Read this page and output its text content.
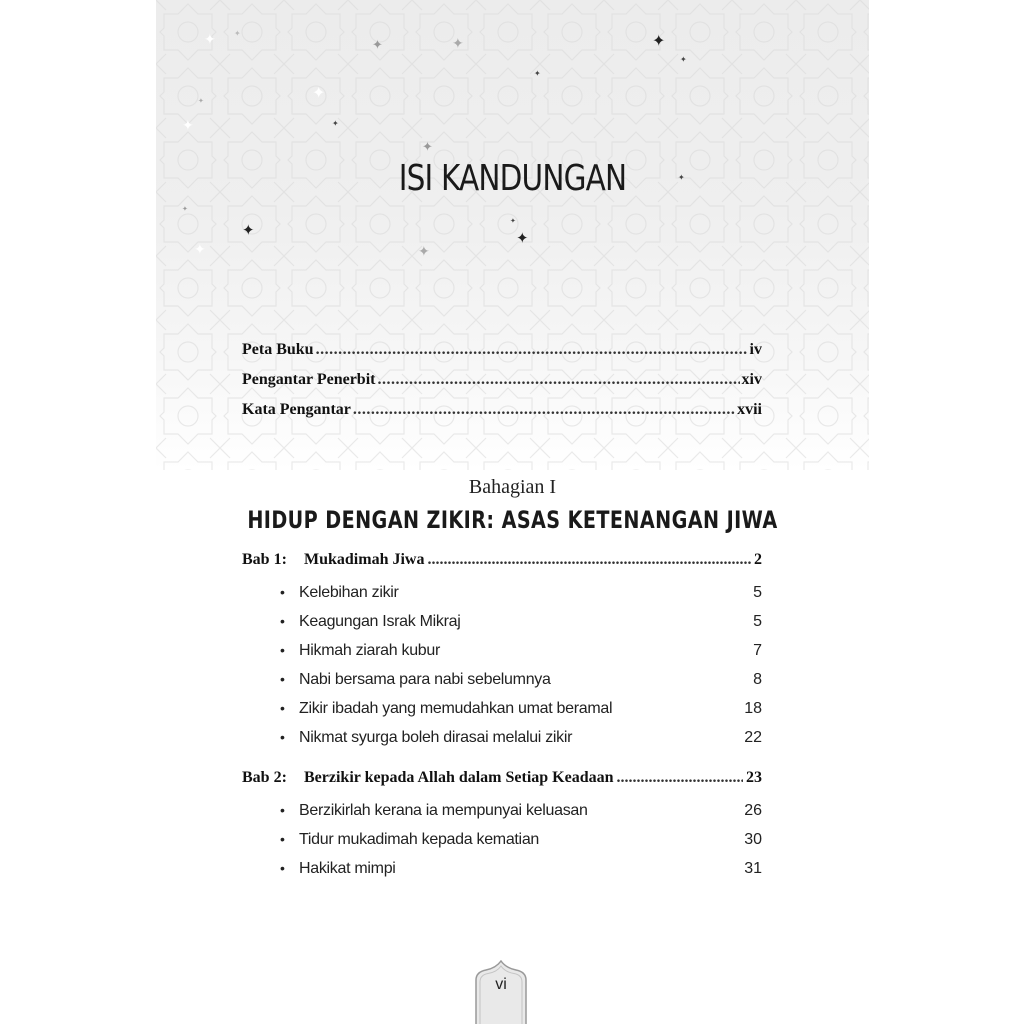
✦ ✦
✦	✦	✦
✦
✦
✦
✦
✦
✦
✦
✦
✦
✦
✦
✦
✦	✦
ISI KANDUNGAN
Peta Buku .....	iv
Pengantar Penerbit .....	xiv
Kata Pengantar .....	xvii
Bahagian I
HIDUP DENGAN ZIKIR: ASAS KETENANGAN JIWA
Bab 1:	Mukadimah Jiwa .....	2
• Kelebihan zikir	5
• Keagungan Israk Mikraj	5
• Hikmah ziarah kubur	7
• Nabi bersama para nabi sebelumnya	8
• Zikir ibadah yang memudahkan umat beramal	18
• Nikmat syurga boleh dirasai melalui zikir	22
Bab 2:	Berzikir kepada Allah dalam Setiap Keadaan .....	23
• Berzikirlah kerana ia mempunyai keluasan	26
• Tidur mukadimah kepada kematian	30
• Hakikat mimpi	31
vi
